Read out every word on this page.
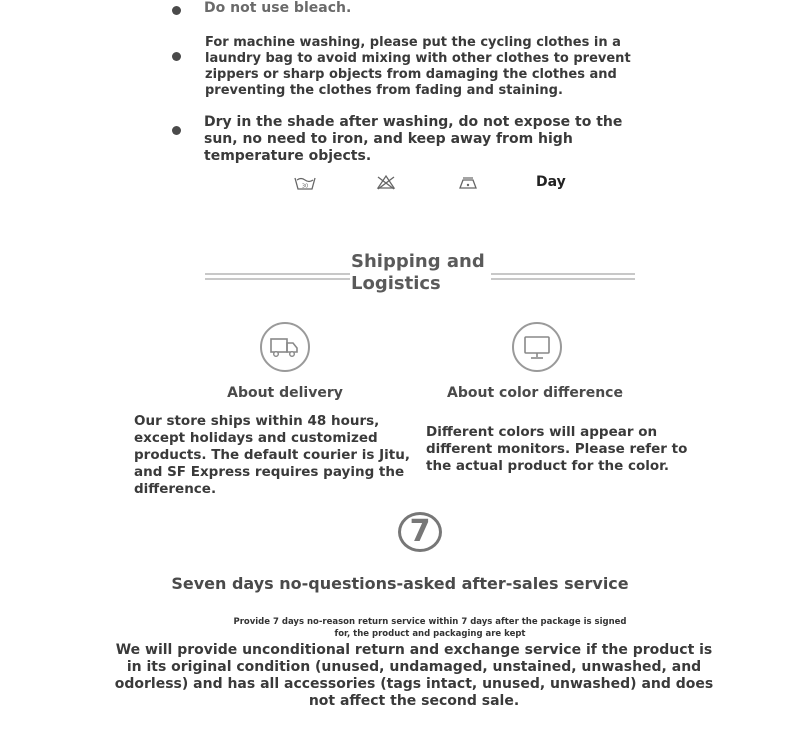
Do not use bleach.
For machine washing, please put the cycling clothes in a laundry bag to avoid mixing with other clothes to prevent zippers or sharp objects from damaging the clothes and preventing the clothes from fading and staining.
Dry in the shade after washing, do not expose to the sun, no need to iron, and keep away from high temperature objects.
30	Day
Shipping and Logistics
About delivery
Our store ships within 48 hours, except holidays and customized products. The default courier is Jitu, and SF Express requires paying the difference.
About color difference
Different colors will appear on different monitors. Please refer to the actual product for the color.
7
Seven days no-questions-asked after-sales service
Provide 7 days no-reason return service within 7 days after the package is signed for, the product and packaging are kept
We will provide unconditional return and exchange service if the product is in its original condition (unused, undamaged, unstained, unwashed, and odorless) and has all accessories (tags intact, unused, unwashed) and does not affect the second sale.
